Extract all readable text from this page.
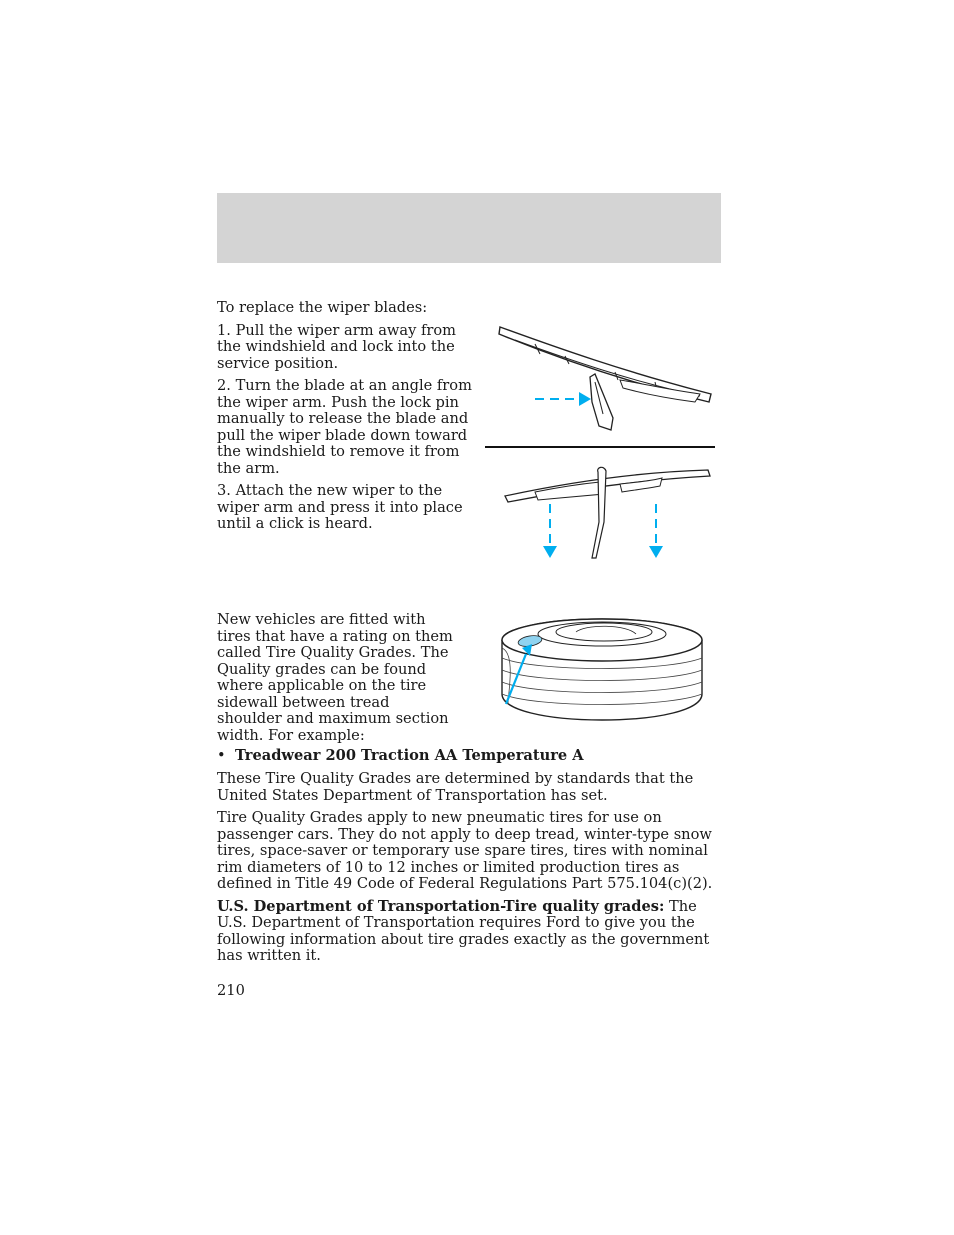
To replace the wiper blades:

1. Pull the wiper arm away from the windshield and lock into the service position.

2. Turn the blade at an angle from the wiper arm. Push the lock pin manually to release the blade and pull the wiper blade down toward the windshield to remove it from the arm.

3. Attach the new wiper to the wiper arm and press it into place until a click is heard.

New vehicles are fitted with tires that have a rating on them called Tire Quality Grades. The Quality grades can be found where applicable on the tire sidewall between tread shoulder and maximum section width. For example:
• Treadwear 200 Traction AA Temperature A

These Tire Quality Grades are determined by standards that the United States Department of Transportation has set.

Tire Quality Grades apply to new pneumatic tires for use on passenger cars. They do not apply to deep tread, winter-type snow tires, space-saver or temporary use spare tires, tires with nominal rim diameters of 10 to 12 inches or limited production tires as defined in Title 49 Code of Federal Regulations Part 575.104(c)(2).

U.S. Department of Transportation-Tire quality grades: The U.S. Department of Transportation requires Ford to give you the following information about tire grades exactly as the government has written it.

210
